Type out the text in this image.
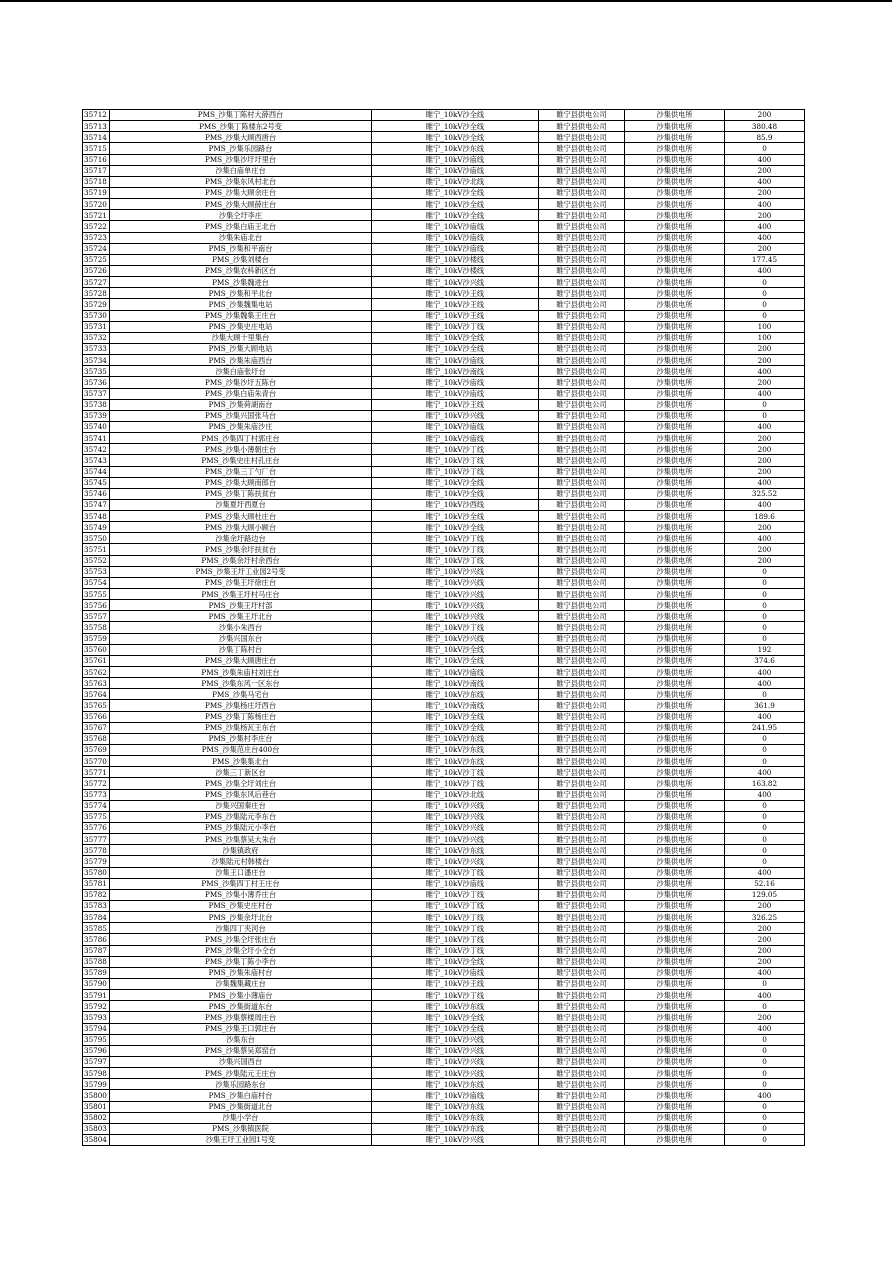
35712	PMS_沙集丁陈村大薛西台	睢宁_10kV沙全线	睢宁县供电公司	沙集供电所	200
35713	PMS_沙集丁陈楼东2号变	睢宁_10kV沙全线	睢宁县供电公司	沙集供电所	380.48
35714	PMS_沙集大顾西唐台	睢宁_10kV沙全线	睢宁县供电公司	沙集供电所	85.9
35715	PMS_沙集乐园路台	睢宁_10kV沙东线	睢宁县供电公司	沙集供电所	0
35716	PMS_沙集沙圩圩里台	睢宁_10kV沙庙线	睢宁县供电公司	沙集供电所	400
35717	沙集白庙单庄台	睢宁_10kV沙庙线	睢宁县供电公司	沙集供电所	200
35718	PMS_沙集东风村北台	睢宁_10kV沙北线	睢宁县供电公司	沙集供电所	400
35719	PMS_沙集大顾余庄台	睢宁_10kV沙全线	睢宁县供电公司	沙集供电所	200
35720	PMS_沙集大顾薛庄台	睢宁_10kV沙全线	睢宁县供电公司	沙集供电所	400
35721	沙集仝圩李庄	睢宁_10kV沙全线	睢宁县供电公司	沙集供电所	200
35722	PMS_沙集白庙王北台	睢宁_10kV沙庙线	睢宁县供电公司	沙集供电所	400
35723	沙集朱庙北台	睢宁_10kV沙庙线	睢宁县供电公司	沙集供电所	400
35724	PMS_沙集和平南台	睢宁_10kV沙庙线	睢宁县供电公司	沙集供电所	200
35725	PMS_沙集刘楼台	睢宁_10kV沙楼线	睢宁县供电公司	沙集供电所	177.45
35726	PMS_沙集农科新区台	睢宁_10kV沙楼线	睢宁县供电公司	沙集供电所	400
35727	PMS_沙集魏进台	睢宁_10kV沙兴线	睢宁县供电公司	沙集供电所	0
35728	PMS_沙集和平北台	睢宁_10kV沙王线	睢宁县供电公司	沙集供电所	0
35729	PMS_沙集魏集电站	睢宁_10kV沙王线	睢宁县供电公司	沙集供电所	0
35730	PMS_沙集魏集王庄台	睢宁_10kV沙王线	睢宁县供电公司	沙集供电所	0
35731	PMS_沙集史庄电站	睢宁_10kV沙丁线	睢宁县供电公司	沙集供电所	100
35732	沙集大顾十里集台	睢宁_10kV沙全线	睢宁县供电公司	沙集供电所	100
35733	PMS_沙集大顾电站	睢宁_10kV沙全线	睢宁县供电公司	沙集供电所	200
35734	PMS_沙集朱庙西台	睢宁_10kV沙庙线	睢宁县供电公司	沙集供电所	200
35735	沙集白庙张圩台	睢宁_10kV沙南线	睢宁县供电公司	沙集供电所	400
35736	PMS_沙集沙圩五陈台	睢宁_10kV沙庙线	睢宁县供电公司	沙集供电所	200
35737	PMS_沙集白庙朱青台	睢宁_10kV沙庙线	睢宁县供电公司	沙集供电所	400
35738	PMS_沙集荷湖南台	睢宁_10kV沙王线	睢宁县供电公司	沙集供电所	0
35739	PMS_沙集兴国张马台	睢宁_10kV沙兴线	睢宁县供电公司	沙集供电所	0
35740	PMS_沙集朱庙沙庄	睢宁_10kV沙庙线	睢宁县供电公司	沙集供电所	400
35741	PMS_沙集四丁村郭庄台	睢宁_10kV沙庙线	睢宁县供电公司	沙集供电所	200
35742	PMS_沙集小薄朝庄台	睢宁_10kV沙丁线	睢宁县供电公司	沙集供电所	200
35743	PMS_沙集史庄村孔庄台	睢宁_10kV沙丁线	睢宁县供电公司	沙集供电所	200
35744	PMS_沙集三丁勺厂台	睢宁_10kV沙丁线	睢宁县供电公司	沙集供电所	200
35745	PMS_沙集大顾南郎台	睢宁_10kV沙全线	睢宁县供电公司	沙集供电所	400
35746	PMS_沙集丁陈扶贫台	睢宁_10kV沙全线	睢宁县供电公司	沙集供电所	325.52
35747	沙集夏圩西夏台	睢宁_10kV沙西线	睢宁县供电公司	沙集供电所	400
35748	PMS_沙集大顾杜庄台	睢宁_10kV沙全线	睢宁县供电公司	沙集供电所	189.6
35749	PMS_沙集大顾小顾台	睢宁_10kV沙全线	睢宁县供电公司	沙集供电所	200
35750	沙集余圩路边台	睢宁_10kV沙丁线	睢宁县供电公司	沙集供电所	400
35751	PMS_沙集余圩扶贫台	睢宁_10kV沙丁线	睢宁县供电公司	沙集供电所	200
35752	PMS_沙集余圩村余西台	睢宁_10kV沙丁线	睢宁县供电公司	沙集供电所	200
35753	PMS_沙集王圩工业园2号变	睢宁_10kV沙兴线	睢宁县供电公司	沙集供电所	0
35754	PMS_沙集王圩徐庄台	睢宁_10kV沙兴线	睢宁县供电公司	沙集供电所	0
35755	PMS_沙集王圩村马庄台	睢宁_10kV沙兴线	睢宁县供电公司	沙集供电所	0
35756	PMS_沙集王圩村部	睢宁_10kV沙兴线	睢宁县供电公司	沙集供电所	0
35757	PMS_沙集王圩北台	睢宁_10kV沙兴线	睢宁县供电公司	沙集供电所	0
35758	沙集小朱西台	睢宁_10kV沙丁线	睢宁县供电公司	沙集供电所	0
35759	沙集兴国东台	睢宁_10kV沙兴线	睢宁县供电公司	沙集供电所	0
35760	沙集丁陈村台	睢宁_10kV沙全线	睢宁县供电公司	沙集供电所	192
35761	PMS_沙集大顾唐庄台	睢宁_10kV沙全线	睢宁县供电公司	沙集供电所	374.6
35762	PMS_沙集朱庙村刘庄台	睢宁_10kV沙庙线	睢宁县供电公司	沙集供电所	400
35763	PMS_沙集东风一区东台	睢宁_10kV沙南线	睢宁县供电公司	沙集供电所	400
35764	PMS_沙集马宅台	睢宁_10kV沙东线	睢宁县供电公司	沙集供电所	0
35765	PMS_沙集杨庄圩西台	睢宁_10kV沙南线	睢宁县供电公司	沙集供电所	361.9
35766	PMS_沙集丁陈杨庄台	睢宁_10kV沙全线	睢宁县供电公司	沙集供电所	400
35767	PMS_沙集杨瓦王东台	睢宁_10kV沙全线	睢宁县供电公司	沙集供电所	241.95
35768	PMS_沙集村李庄台	睢宁_10kV沙东线	睢宁县供电公司	沙集供电所	0
35769	PMS_沙集范庄台400台	睢宁_10kV沙东线	睢宁县供电公司	沙集供电所	0
35770	PMS_沙集集北台	睢宁_10kV沙东线	睢宁县供电公司	沙集供电所	0
35771	沙集三丁新区台	睢宁_10kV沙丁线	睢宁县供电公司	沙集供电所	400
35772	PMS_沙集仝圩刘庄台	睢宁_10kV沙丁线	睢宁县供电公司	沙集供电所	163.82
35773	PMS_沙集东风后巷台	睢宁_10kV沙北线	睢宁县供电公司	沙集供电所	400
35774	沙集兴国秦庄台	睢宁_10kV沙兴线	睢宁县供电公司	沙集供电所	0
35775	PMS_沙集陆元李东台	睢宁_10kV沙兴线	睢宁县供电公司	沙集供电所	0
35776	PMS_沙集陆元小李台	睢宁_10kV沙兴线	睢宁县供电公司	沙集供电所	0
35777	PMS_沙集蔡吴大朱台	睢宁_10kV沙兴线	睢宁县供电公司	沙集供电所	0
35778	沙集镇政府	睢宁_10kV沙东线	睢宁县供电公司	沙集供电所	0
35779	沙集陆元村韩楼台	睢宁_10kV沙兴线	睢宁县供电公司	沙集供电所	0
35780	沙集王口潘庄台	睢宁_10kV沙丁线	睢宁县供电公司	沙集供电所	400
35781	PMS_沙集四丁村王庄台	睢宁_10kV沙庙线	睢宁县供电公司	沙集供电所	52.16
35782	PMS_沙集小薄乔庄台	睢宁_10kV沙丁线	睢宁县供电公司	沙集供电所	129.05
35783	PMS_沙集史庄村台	睢宁_10kV沙丁线	睢宁县供电公司	沙集供电所	200
35784	PMS_沙集余圩北台	睢宁_10kV沙丁线	睢宁县供电公司	沙集供电所	326.25
35785	沙集四丁夹河台	睢宁_10kV沙丁线	睢宁县供电公司	沙集供电所	200
35786	PMS_沙集仝圩张庄台	睢宁_10kV沙丁线	睢宁县供电公司	沙集供电所	200
35787	PMS_沙集仝圩小仝台	睢宁_10kV沙丁线	睢宁县供电公司	沙集供电所	200
35788	PMS_沙集丁陈小李台	睢宁_10kV沙全线	睢宁县供电公司	沙集供电所	200
35789	PMS_沙集朱庙村台	睢宁_10kV沙庙线	睢宁县供电公司	沙集供电所	400
35790	沙集魏集藏庄台	睢宁_10kV沙王线	睢宁县供电公司	沙集供电所	0
35791	PMS_沙集小薄庙台	睢宁_10kV沙丁线	睢宁县供电公司	沙集供电所	400
35792	PMS_沙集街道东台	睢宁_10kV沙东线	睢宁县供电公司	沙集供电所	0
35793	PMS_沙集蔡楼周庄台	睢宁_10kV沙全线	睢宁县供电公司	沙集供电所	200
35794	PMS_沙集王口郭庄台	睢宁_10kV沙全线	睢宁县供电公司	沙集供电所	400
35795	沙集东台	睢宁_10kV沙兴线	睢宁县供电公司	沙集供电所	0
35796	PMS_沙集蔡吴郑窑台	睢宁_10kV沙兴线	睢宁县供电公司	沙集供电所	0
35797	沙集兴国西台	睢宁_10kV沙兴线	睢宁县供电公司	沙集供电所	0
35798	PMS_沙集陆元王庄台	睢宁_10kV沙兴线	睢宁县供电公司	沙集供电所	0
35799	沙集乐园路东台	睢宁_10kV沙东线	睢宁县供电公司	沙集供电所	0
35800	PMS_沙集白庙村台	睢宁_10kV沙庙线	睢宁县供电公司	沙集供电所	400
35801	PMS_沙集街道北台	睢宁_10kV沙东线	睢宁县供电公司	沙集供电所	0
35802	沙集小学台	睢宁_10kV沙东线	睢宁县供电公司	沙集供电所	0
35803	PMS_沙集镇医院	睢宁_10kV沙东线	睢宁县供电公司	沙集供电所	0
35804	沙集王圩工业园1号变	睢宁_10kV沙兴线	睢宁县供电公司	沙集供电所	0
